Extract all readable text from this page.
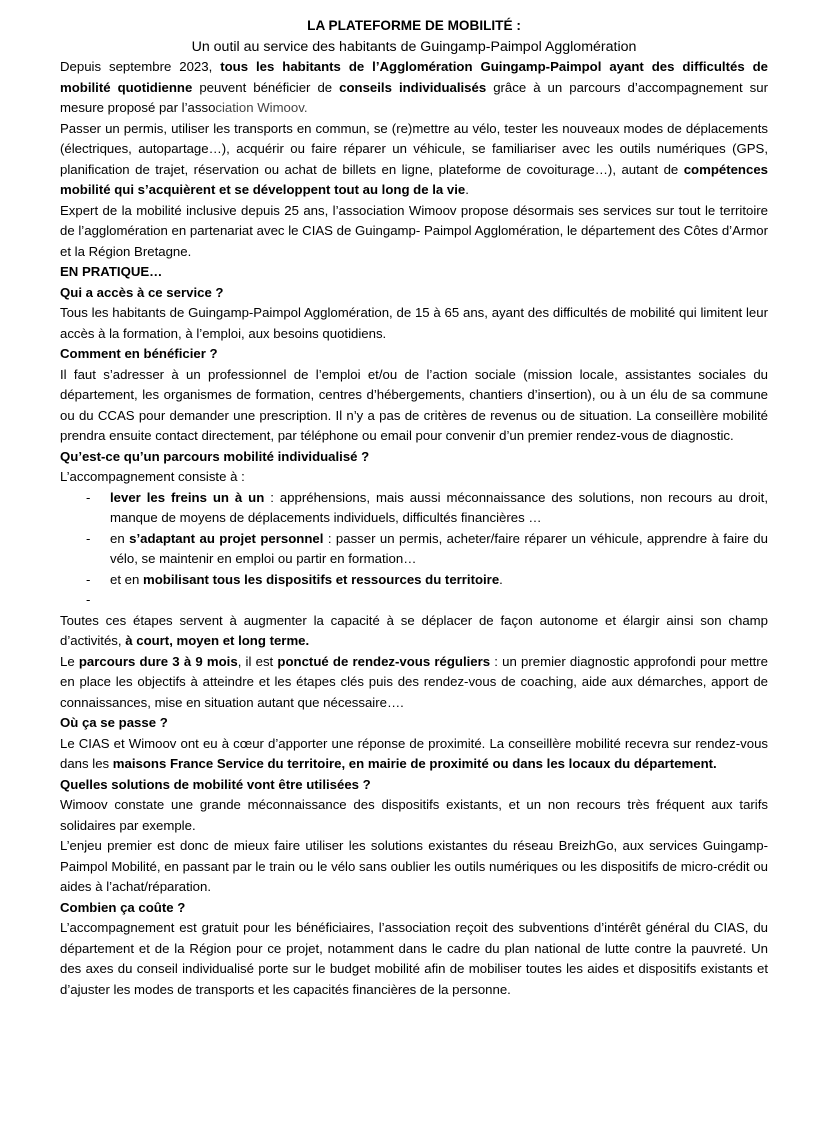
LA PLATEFORME DE MOBILITÉ :

Un outil au service des habitants de Guingamp-Paimpol Agglomération

Depuis septembre 2023, tous les habitants de l’Agglomération Guingamp-Paimpol ayant des difficultés de mobilité quotidienne peuvent bénéficier de conseils individualisés grâce à un parcours d’accompagnement sur mesure proposé par l’association Wimoov.

Passer un permis, utiliser les transports en commun, se (re)mettre au vélo, tester les nouveaux modes de déplacements (électriques, autopartage…), acquérir ou faire réparer un véhicule, se familiariser avec les outils numériques (GPS, planification de trajet, réservation ou achat de billets en ligne, plateforme de covoiturage…), autant de compétences mobilité qui s’acquièrent et se développent tout au long de la vie.

Expert de la mobilité inclusive depuis 25 ans, l’association Wimoov propose désormais ses services sur tout le territoire de l’agglomération en partenariat avec le CIAS de Guingamp- Paimpol Agglomération, le département des Côtes d’Armor et la Région Bretagne.

EN PRATIQUE…

Qui a accès à ce service ?

Tous les habitants de Guingamp-Paimpol Agglomération, de 15 à 65 ans, ayant des difficultés de mobilité qui limitent leur accès à la formation, à l’emploi, aux besoins quotidiens.

Comment en bénéficier ?

Il faut s’adresser à un professionnel de l’emploi et/ou de l’action sociale (mission locale, assistantes sociales du département, les organismes de formation, centres d’hébergements, chantiers d’insertion), ou à un élu de sa commune ou du CCAS pour demander une prescription. Il n’y a pas de critères de revenus ou de situation. La conseillère mobilité prendra ensuite contact directement, par téléphone ou email pour convenir d’un premier rendez-vous de diagnostic.

Qu’est-ce qu’un parcours mobilité individualisé ?

L’accompagnement consiste à :

- lever les freins un à un : appréhensions, mais aussi méconnaissance des solutions, non recours au droit, manque de moyens de déplacements individuels, difficultés financières …
- en s’adaptant au projet personnel : passer un permis, acheter/faire réparer un véhicule, apprendre à faire du vélo, se maintenir en emploi ou partir en formation…
- et en mobilisant tous les dispositifs et ressources du territoire.
-

Toutes ces étapes servent à augmenter la capacité à se déplacer de façon autonome et élargir ainsi son champ d’activités, à court, moyen et long terme.

Le parcours dure 3 à 9 mois, il est ponctué de rendez-vous réguliers : un premier diagnostic approfondi pour mettre en place les objectifs à atteindre et les étapes clés puis des rendez-vous de coaching, aide aux démarches, apport de connaissances, mise en situation autant que nécessaire….

Où ça se passe ?

Le CIAS et Wimoov ont eu à cœur d’apporter une réponse de proximité. La conseillère mobilité recevra sur rendez-vous dans les maisons France Service du territoire, en mairie de proximité ou dans les locaux du département.

Quelles solutions de mobilité vont être utilisées ?

Wimoov constate une grande méconnaissance des dispositifs existants, et un non recours très fréquent aux tarifs solidaires par exemple.

L’enjeu premier est donc de mieux faire utiliser les solutions existantes du réseau BreizhGo, aux services Guingamp-Paimpol Mobilité, en passant par le train ou le vélo sans oublier les outils numériques ou les dispositifs de micro-crédit ou aides à l’achat/réparation.

Combien ça coûte ?

L’accompagnement est gratuit pour les bénéficiaires, l’association reçoit des subventions d’intérêt général du CIAS, du département et de la Région pour ce projet, notamment dans le cadre du plan national de lutte contre la pauvreté. Un des axes du conseil individualisé porte sur le budget mobilité afin de mobiliser toutes les aides et dispositifs existants et d’ajuster les modes de transports et les capacités financières de la personne.
